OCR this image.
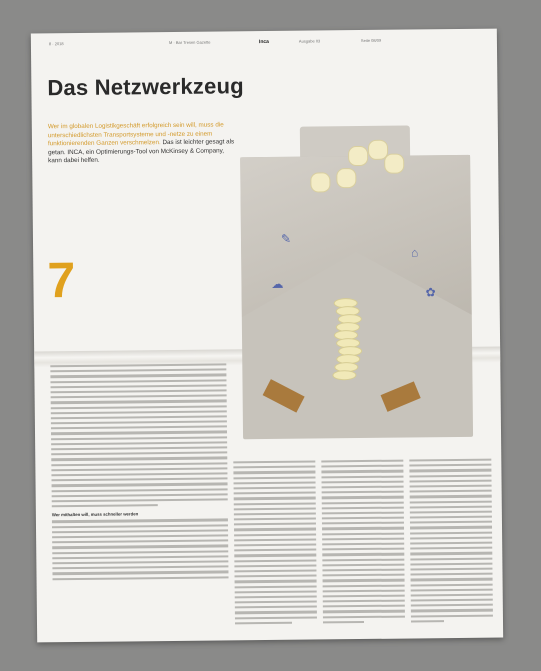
8 · 2018	M · Bar Tresen Gazette	Inca	Ausgabe 03	Seite 08/09
Das Netzwerkzeug
Wer im globalen Logistikgeschäft erfolgreich sein will, muss die unterschiedlichsten Transportsysteme und -netze zu einem funktionierenden Ganzen verschmelzen. Das ist leichter gesagt als getan. INCA, ein Optimierungs-Tool von McKinsey & Company, kann dabei helfen.
7
✎
☁
⌂
✿
Wer mithalten will, muss schneller werden
